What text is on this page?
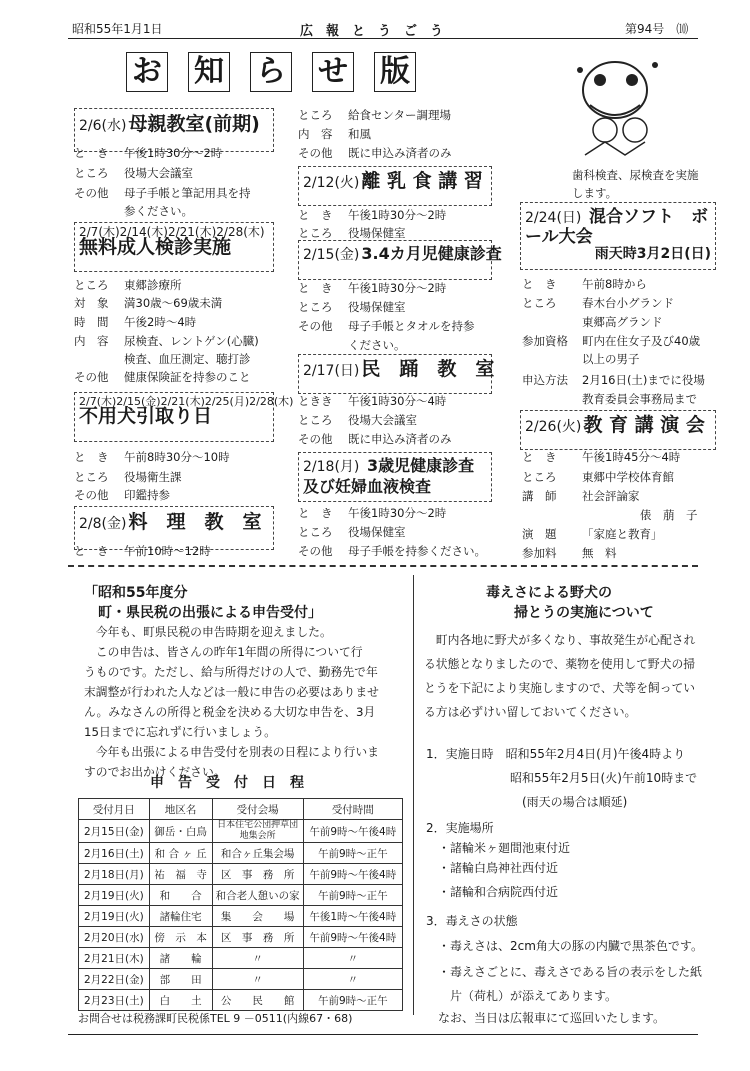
昭和55年1月1日	広　報　と　う　ご　う	第94号　⑽
お 知 ら せ 版
2/6(水) 母親教室(前期)
と　き 午後1時30分～2時
ところ 役場大会議室
その他 母子手帳と筆記用具を持
参ください。
2/7(木)2/14(木)2/21(木)2/28(木)
無料成人検診実施
ところ 東郷診療所
対　象 満30歳～69歳未満
時　間 午後2時～4時
内　容 尿検査、レントゲン(心臓)
検査、血圧測定、聴打診
その他 健康保険証を持参のこと
2/7(木)2/15(金)2/21(木)2/25(月)2/28(木)
不用犬引取り日
と　き 午前8時30分～10時
ところ 役場衛生課
その他 印鑑持参
2/8(金) 料　理　教　室
と　き 午前10時～12時
ところ 給食センター調理場
内　容 和風
その他 既に申込み済者のみ
2/12(火) 離 乳 食 講 習
と　き 午後1時30分～2時
ところ 役場保健室
2/15(金) 3.4カ月児健康診査
と　き 午後1時30分～2時
ところ 役場保健室
その他 母子手帳とタオルを持参
ください。
2/17(日) 民　踊　教　室
ときき 午後1時30分～4時
ところ 役場大会議室
その他 既に申込み済者のみ
2/18(月) 3歳児健康診査及び妊婦血液検査
と　き 午後1時30分～2時
ところ 役場保健室
その他 母子手帳を持参ください。
歯科検査、尿検査を実施
します。
2/24(日) 混合ソフト　ボール大会
雨天時3月2日(日)
と　き 午前8時から
ところ 春木台小グランド
東郷高グランド
参加資格 町内在住女子及び40歳
以上の男子
申込方法 2月16日(土)までに役場
教育委員会事務局まで
2/26(火) 教 育 講 演 会
と　き 午後1時45分～4時
ところ 東郷中学校体育館
講　師 社会評論家
俵　萠　子
演　題 「家庭と教育」
参加料 無　料
「昭和55年度分
　町・県民税の出張による申告受付」
　今年も、町県民税の申告時期を迎えました。
　この申告は、皆さんの昨年1年間の所得について行
うものです。ただし、給与所得だけの人で、勤務先で年
末調整が行われた人などは一般に申告の必要はありませ
ん。みなさんの所得と税金を決める大切な申告を、3月
15日までに忘れずに行いましょう。
　今年も出張による申告受付を別表の日程により行いま
すのでお出かけください。
申　告　受　付　日　程
受付月日	地区名	受付会場	受付時間
2月15日(金)	御岳・白鳥	日本住宅公団押草団地集会所	午前9時～午後4時
2月16日(土)	和 合 ヶ 丘	和合ヶ丘集会場	午前9時～正午
2月18日(月)	祐　福　寺	区　事　務　所	午前9時～午後4時
2月19日(火)	和　　合	和合老人憩いの家	午前9時～正午
2月19日(火)	諸輪住宅	集　　会　　場	午後1時～午後4時
2月20日(水)	傍　示　本	区　事　務　所	午前9時～午後4時
2月21日(木)	諸　　輪	〃	〃
2月22日(金)	部　　田	〃	〃
2月23日(土)	白　　土	公　　民　　館	午前9時～正午
お問合せは税務課町民税係TEL 9 －0511(内線67・68)
毒えさによる野犬の
掃とうの実施について
　町内各地に野犬が多くなり、事故発生が心配され
る状態となりましたので、薬物を使用して野犬の掃
とうを下記により実施しますので、犬等を飼ってい
る方は必ずけい留しておいてください。
1．実施日時　昭和55年2月4日(月)午後4時より
　　　　　　　昭和55年2月5日(火)午前10時まで
　　　　　　　　(雨天の場合は順延)
2．実施場所
　・諸輪米ヶ廻間池東付近
　・諸輪白鳥神社西付近
　・諸輪和合病院西付近
3．毒えさの状態
　・毒えさは、2cm角大の豚の内臓で黒茶色です。
　・毒えさごとに、毒えさである旨の表示をした紙
　　片（荷札）が添えてあります。
　なお、当日は広報車にて巡回いたします。
